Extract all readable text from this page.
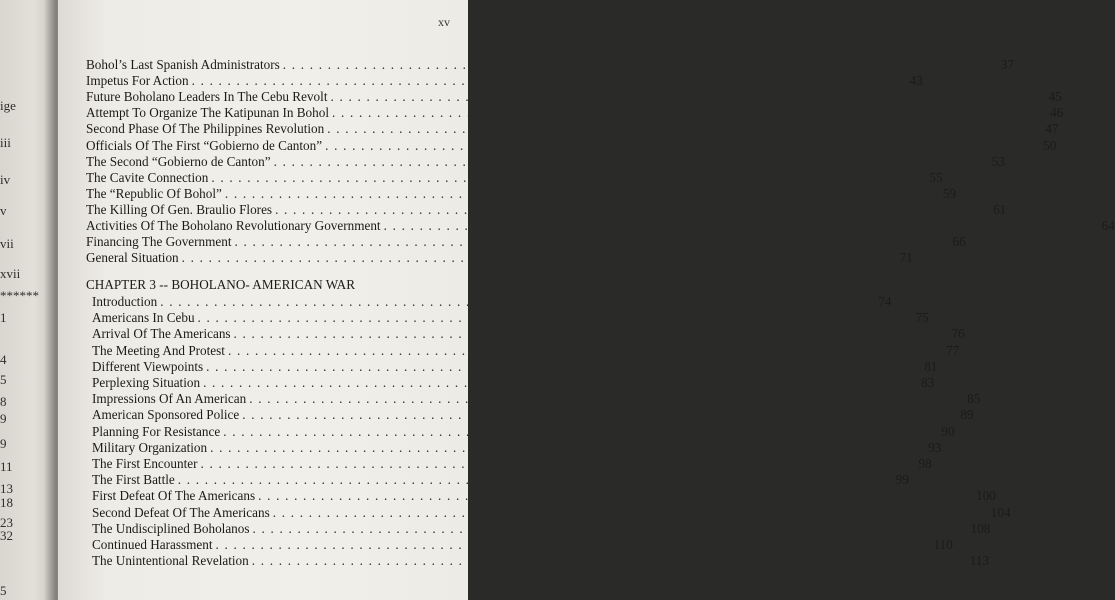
ige
iii
iv
v
vii
xvii
******
1
4
5
8
9
9
11
13
18
23
32
5
xv
CHAPTER 3 -- BOHOLANO- AMERICAN WAR
Bohol’s Last Spanish Administrators . . . . . . . . . . . . . . . . . . . . . . . . . . . . . . . . . . . . . . . . . . . . . . . . . . . . . . . . . . . . . . . . . . . . . . . . . . . . . . . . 37
Impetus For Action . . . . . . . . . . . . . . . . . . . . . . . . . . . . . . . . . . . . . . . . . . . . . . . . . . . . . . . . . . . . . . . . . . . . . . . . . . . . . . . . 43
Future Boholano Leaders In The Cebu Revolt . . . . . . . . . . . . . . . . . . . . . . . . . . . . . . . . . . . . . . . . . . . . . . . . . . . . . . . . . . . . . . . . . . . . . . . . . . . . . . . . 45
Attempt To Organize The Katipunan In Bohol . . . . . . . . . . . . . . . . . . . . . . . . . . . . . . . . . . . . . . . . . . . . . . . . . . . . . . . . . . . . . . . . . . . . . . . . . . . . . . . . 46
Second Phase Of The Philippines Revolution . . . . . . . . . . . . . . . . . . . . . . . . . . . . . . . . . . . . . . . . . . . . . . . . . . . . . . . . . . . . . . . . . . . . . . . . . . . . . . . . 47
Officials Of The First “Gobierno de Canton” . . . . . . . . . . . . . . . . . . . . . . . . . . . . . . . . . . . . . . . . . . . . . . . . . . . . . . . . . . . . . . . . . . . . . . . . . . . . . . . . 50
The Second “Gobierno de Canton” . . . . . . . . . . . . . . . . . . . . . . . . . . . . . . . . . . . . . . . . . . . . . . . . . . . . . . . . . . . . . . . . . . . . . . . . . . . . . . . . 53
The Cavite Connection . . . . . . . . . . . . . . . . . . . . . . . . . . . . . . . . . . . . . . . . . . . . . . . . . . . . . . . . . . . . . . . . . . . . . . . . . . . . . . . . 55
The “Republic Of Bohol” . . . . . . . . . . . . . . . . . . . . . . . . . . . . . . . . . . . . . . . . . . . . . . . . . . . . . . . . . . . . . . . . . . . . . . . . . . . . . . . . 59
The Killing Of Gen. Braulio Flores . . . . . . . . . . . . . . . . . . . . . . . . . . . . . . . . . . . . . . . . . . . . . . . . . . . . . . . . . . . . . . . . . . . . . . . . . . . . . . . . 61
Activities Of The Boholano Revolutionary Government . . . . . . . . . . . . . . . . . . . . . . . . . . . . . . . . . . . . . . . . . . . . . . . . . . . . . . . . . . . . . . . . . . . . . . . . . . . . . . . . 64
Financing The Government . . . . . . . . . . . . . . . . . . . . . . . . . . . . . . . . . . . . . . . . . . . . . . . . . . . . . . . . . . . . . . . . . . . . . . . . . . . . . . . . 66
General Situation . . . . . . . . . . . . . . . . . . . . . . . . . . . . . . . . . . . . . . . . . . . . . . . . . . . . . . . . . . . . . . . . . . . . . . . . . . . . . . . . 71
Introduction . . . . . . . . . . . . . . . . . . . . . . . . . . . . . . . . . . . . . . . . . . . . . . . . . . . . . . . . . . . . . . . . . . . . . . . . . . . . . . . . 74
Americans In Cebu . . . . . . . . . . . . . . . . . . . . . . . . . . . . . . . . . . . . . . . . . . . . . . . . . . . . . . . . . . . . . . . . . . . . . . . . . . . . . . . . 75
Arrival Of The Americans . . . . . . . . . . . . . . . . . . . . . . . . . . . . . . . . . . . . . . . . . . . . . . . . . . . . . . . . . . . . . . . . . . . . . . . . . . . . . . . . 76
The Meeting And Protest . . . . . . . . . . . . . . . . . . . . . . . . . . . . . . . . . . . . . . . . . . . . . . . . . . . . . . . . . . . . . . . . . . . . . . . . . . . . . . . . 77
Different Viewpoints . . . . . . . . . . . . . . . . . . . . . . . . . . . . . . . . . . . . . . . . . . . . . . . . . . . . . . . . . . . . . . . . . . . . . . . . . . . . . . . . 81
Perplexing Situation . . . . . . . . . . . . . . . . . . . . . . . . . . . . . . . . . . . . . . . . . . . . . . . . . . . . . . . . . . . . . . . . . . . . . . . . . . . . . . . . 83
Impressions Of An American . . . . . . . . . . . . . . . . . . . . . . . . . . . . . . . . . . . . . . . . . . . . . . . . . . . . . . . . . . . . . . . . . . . . . . . . . . . . . . . . 85
American Sponsored Police . . . . . . . . . . . . . . . . . . . . . . . . . . . . . . . . . . . . . . . . . . . . . . . . . . . . . . . . . . . . . . . . . . . . . . . . . . . . . . . . 89
Planning For Resistance . . . . . . . . . . . . . . . . . . . . . . . . . . . . . . . . . . . . . . . . . . . . . . . . . . . . . . . . . . . . . . . . . . . . . . . . . . . . . . . . 90
Military Organization . . . . . . . . . . . . . . . . . . . . . . . . . . . . . . . . . . . . . . . . . . . . . . . . . . . . . . . . . . . . . . . . . . . . . . . . . . . . . . . . 93
The First Encounter . . . . . . . . . . . . . . . . . . . . . . . . . . . . . . . . . . . . . . . . . . . . . . . . . . . . . . . . . . . . . . . . . . . . . . . . . . . . . . . . 98
The First Battle . . . . . . . . . . . . . . . . . . . . . . . . . . . . . . . . . . . . . . . . . . . . . . . . . . . . . . . . . . . . . . . . . . . . . . . . . . . . . . . . 99
First Defeat Of The Americans . . . . . . . . . . . . . . . . . . . . . . . . . . . . . . . . . . . . . . . . . . . . . . . . . . . . . . . . . . . . . . . . . . . . . . . . . . . . . . . . 100
Second Defeat Of The Americans . . . . . . . . . . . . . . . . . . . . . . . . . . . . . . . . . . . . . . . . . . . . . . . . . . . . . . . . . . . . . . . . . . . . . . . . . . . . . . . . 104
The Undisciplined Boholanos . . . . . . . . . . . . . . . . . . . . . . . . . . . . . . . . . . . . . . . . . . . . . . . . . . . . . . . . . . . . . . . . . . . . . . . . . . . . . . . . 108
Continued Harassment . . . . . . . . . . . . . . . . . . . . . . . . . . . . . . . . . . . . . . . . . . . . . . . . . . . . . . . . . . . . . . . . . . . . . . . . . . . . . . . . 110
The Unintentional Revelation . . . . . . . . . . . . . . . . . . . . . . . . . . . . . . . . . . . . . . . . . . . . . . . . . . . . . . . . . . . . . . . . . . . . . . . . . . . . . . . . 113
